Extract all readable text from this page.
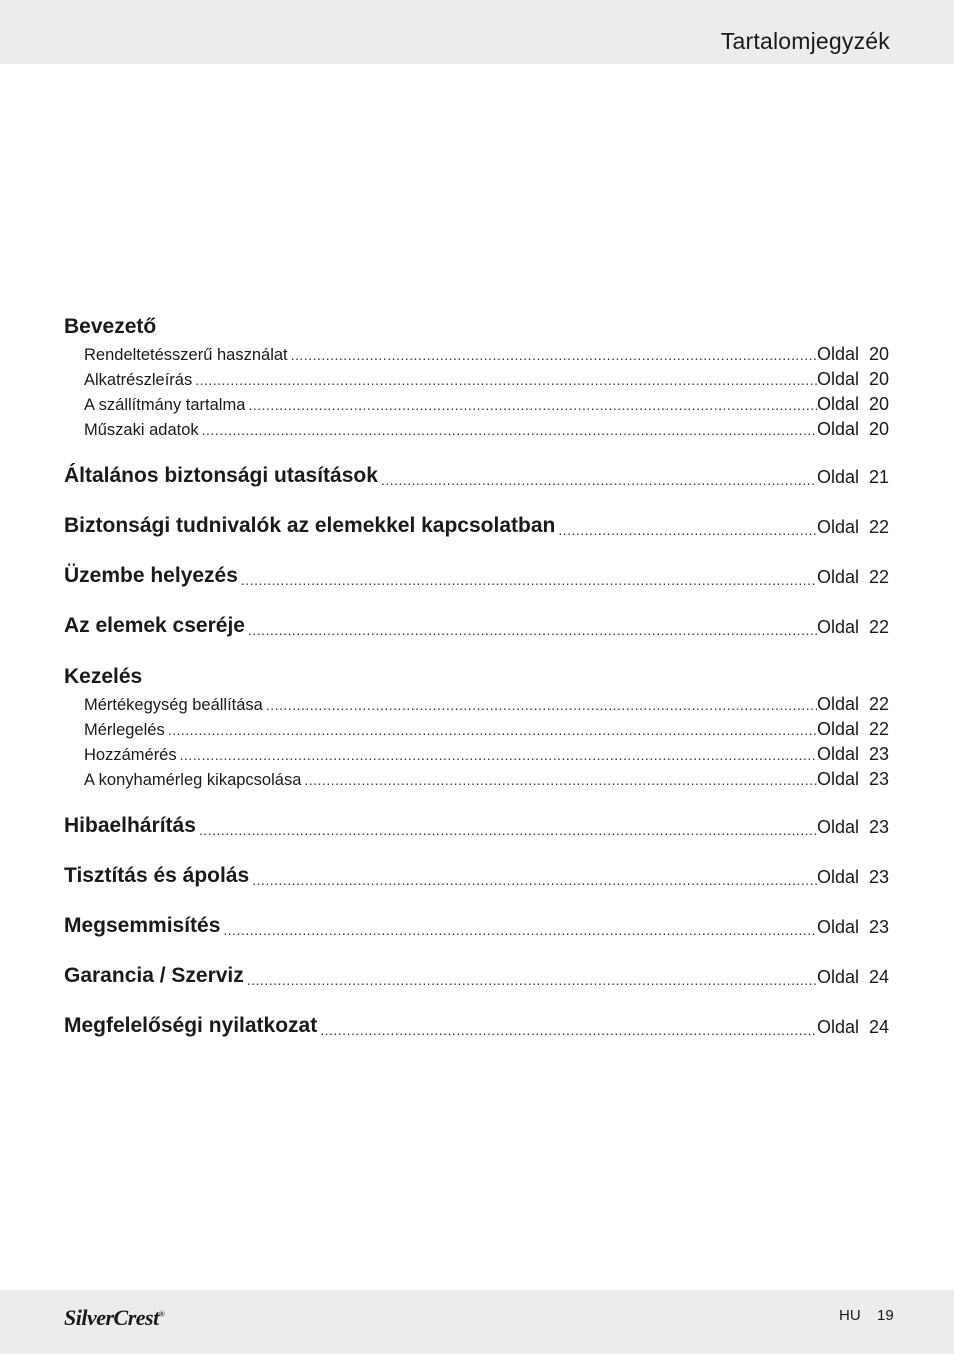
Tartalomjegyzék
Bevezető
Rendeltetésszerű használat .....	Oldal  20
Alkatrészleírás .....	Oldal  20
A szállítmány tartalma .....	Oldal  20
Műszaki adatok .....	Oldal  20
Általános biztonsági utasítások .....	Oldal  21
Biztonsági tudnivalók az elemekkel kapcsolatban .....	Oldal  22
Üzembe helyezés .....	Oldal  22
Az elemek cseréje .....	Oldal  22
Kezelés
Mértékegység beállítása .....	Oldal  22
Mérlegelés .....	Oldal  22
Hozzámérés .....	Oldal  23
A konyhamérleg kikapcsolása .....	Oldal  23
Hibaelhárítás .....	Oldal  23
Tisztítás és ápolás .....	Oldal  23
Megsemmisítés .....	Oldal  23
Garancia / Szerviz .....	Oldal  24
Megfelelőségi nyilatkozat .....	Oldal  24
SilverCrest®	HU 19
